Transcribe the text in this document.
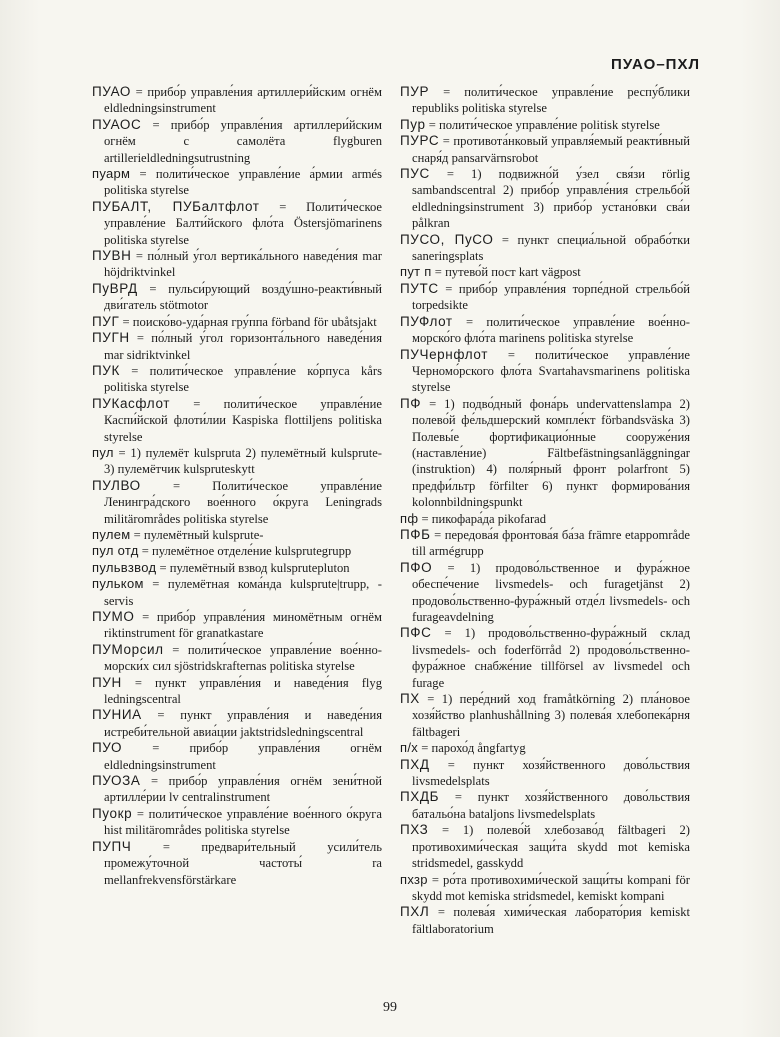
ПУАО–ПХЛ
ПУАО = прибо́р управле́ния артиллери́йским огнём eldledningsinstrument
ПУАОС = прибо́р управле́ния артиллери́йским огнём с самолёта flygburen artillerieldledningsutrustning
пуарм = полити́ческое управле́ние а́рмии armés politiska styrelse
ПУБАЛТ, ПУБалтфлот = Полити́ческое управле́ние Балти́йского фло́та Östersjömarinens politiska styrelse
ПУВН = по́лный у́гол вертика́льного наведе́ния mar höjdriktvinkel
ПуВРД = пульси́рующий возду́шно-реакти́вный дви́гатель stötmotor
ПУГ = поиско́во-уда́рная гру́ппа förband för ubåtsjakt
ПУГН = по́лный у́гол горизонта́льного наведе́ния mar sidriktvinkel
ПУК = полити́ческое управле́ние ко́рпуса kårs politiska styrelse
ПУКасфлот = полити́ческое управле́ние Каспи́йской флоти́лии Kaspiska flottiljens politiska styrelse
пул = 1) пулемёт kulspruta 2) пулемётный kulsprute- 3) пулемётчик kulspruteskytt
ПУЛВО = Полити́ческое управле́ние Ленингра́дского вое́нного о́круга Leningrads militärområdes politiska styrelse
пулем = пулемётный kulsprute-
пул отд = пулемётное отделе́ние kulsprutegrupp
пульвзвод = пулемётный взвод kulsprutepluton
пульком = пулемётная кома́нда kulsprute|trupp, -servis
ПУМО = прибо́р управле́ния миномётным огнём riktinstrument för granatkastare
ПУМорсил = полити́ческое управле́ние вое́нно-морски́х сил sjöstridskrafternas politiska styrelse
ПУН = пункт управле́ния и наведе́ния flyg ledningscentral
ПУНИА = пункт управле́ния и наведе́ния истреби́тельной авиа́ции jaktstridsledningscentral
ПУО = прибо́р управле́ния огнём eldledningsinstrument
ПУОЗА = прибо́р управле́ния огнём зени́тной артилле́рии lv centralinstrument
Пуокр = полити́ческое управле́ние вое́нного о́круга hist militärområdes politiska styrelse
ПУПЧ = предвари́тельный усили́тель промежу́точной частоты́ ra mellanfrekvensförstärkare
ПУР = полити́ческое управле́ние респу́блики republiks politiska styrelse
Пур = полити́ческое управле́ние politisk styrelse
ПУРС = противота́нковый управля́емый реакти́вный снаря́д pansarvärnsrobot
ПУС = 1) подвижно́й у́зел свя́зи rörlig sambandscentral 2) прибо́р управле́ния стрельбо́й eldledningsinstrument 3) прибо́р устано́вки сва́и pålkran
ПУСО, ПуСО = пункт специа́льной обрабо́тки saneringsplats
пут п = путево́й пост kart vägpost
ПУТС = прибо́р управле́ния торпе́дной стрельбо́й torpedsikte
ПУФлот = полити́ческое управле́ние вое́нно-морско́го фло́та marinens politiska styrelse
ПУЧернфлот = полити́ческое управле́ние Черномо́рского фло́та Svartahavsmarinens politiska styrelse
ПФ = 1) подво́дный фона́рь undervattenslampa 2) полево́й фе́льдшерский компле́кт förbandsväska 3) Полевы́е фортификацио́нные сооруже́ния (наставле́ние) Fältbefästningsanläggningar (instruktion) 4) поля́рный фронт polarfront 5) предфи́льтр förfilter 6) пункт формирова́ния kolonnbildningspunkt
пф = пикофара́да pikofarad
ПФБ = передова́я фронтова́я ба́за främre etappområde till armégrupp
ПФО = 1) продово́льственное и фура́жное обеспе́чение livsmedels- och furagetjänst 2) продово́льственно-фура́жный отде́л livsmedels- och furageavdelning
ПФС = 1) продово́льственно-фура́жный склад livsmedels- och foderförråd 2) продово́льственно-фура́жное снабже́ние tillförsel av livsmedel och furage
ПХ = 1) пере́дний ход framåtkörning 2) пла́новое хозя́йство planhushållning 3) полева́я хлебопека́рня fältbageri
п/х = парохо́д ångfartyg
ПХД = пункт хозя́йственного дово́льствия livsmedelsplats
ПХДБ = пункт хозя́йственного дово́льствия батальо́на bataljons livsmedelsplats
ПХЗ = 1) полево́й хлебозаво́д fältbageri 2) противохими́ческая защи́та skydd mot kemiska stridsmedel, gasskydd
пхзр = ро́та противохими́ческой защи́ты kompani för skydd mot kemiska stridsmedel, kemiskt kompani
ПХЛ = полева́я хими́ческая лаборато́рия kemiskt fältlaboratorium
99
